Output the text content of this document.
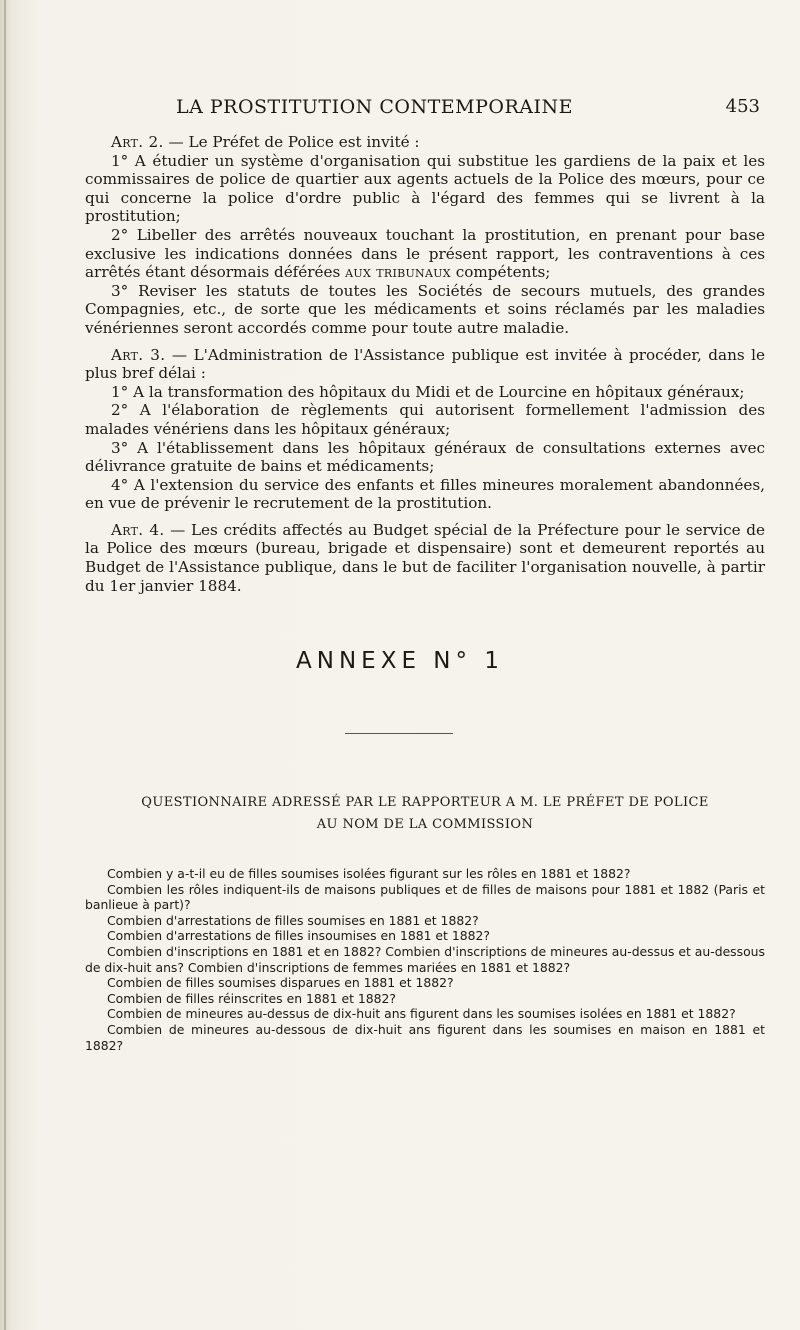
LA PROSTITUTION CONTEMPORAINE	453

Art. 2. — Le Préfet de Police est invité :

1° A étudier un système d'organisation qui substitue les gardiens de la paix et les commissaires de police de quartier aux agents actuels de la Police des mœurs, pour ce qui concerne la police d'ordre public à l'égard des femmes qui se livrent à la prostitution;

2° Libeller des arrêtés nouveaux touchant la prostitution, en prenant pour base exclusive les indications données dans le présent rapport, les contraventions à ces arrêtés étant désormais déférées aux tribunaux compétents;

3° Reviser les statuts de toutes les Sociétés de secours mutuels, des grandes Compagnies, etc., de sorte que les médicaments et soins réclamés par les maladies vénériennes seront accordés comme pour toute autre maladie.

Art. 3. — L'Administration de l'Assistance publique est invitée à procéder, dans le plus bref délai :

1° A la transformation des hôpitaux du Midi et de Lourcine en hôpitaux généraux;

2° A l'élaboration de règlements qui autorisent formellement l'admission des malades vénériens dans les hôpitaux généraux;

3° A l'établissement dans les hôpitaux généraux de consultations externes avec délivrance gratuite de bains et médicaments;

4° A l'extension du service des enfants et filles mineures moralement abandonnées, en vue de prévenir le recrutement de la prostitution.

Art. 4. — Les crédits affectés au Budget spécial de la Préfecture pour le service de la Police des mœurs (bureau, brigade et dispensaire) sont et demeurent reportés au Budget de l'Assistance publique, dans le but de faciliter l'organisation nouvelle, à partir du 1er janvier 1884.

ANNEXE N° 1
QUESTIONNAIRE ADRESSÉ PAR LE RAPPORTEUR A M. LE PRÉFET DE POLICE
AU NOM DE LA COMMISSION

Combien y a-t-il eu de filles soumises isolées figurant sur les rôles en 1881 et 1882?

Combien les rôles indiquent-ils de maisons publiques et de filles de maisons pour 1881 et 1882 (Paris et banlieue à part)?

Combien d'arrestations de filles soumises en 1881 et 1882?

Combien d'arrestations de filles insoumises en 1881 et 1882?

Combien d'inscriptions en 1881 et en 1882? Combien d'inscriptions de mineures au-dessus et au-dessous de dix-huit ans? Combien d'inscriptions de femmes mariées en 1881 et 1882?

Combien de filles soumises disparues en 1881 et 1882?

Combien de filles réinscrites en 1881 et 1882?

Combien de mineures au-dessus de dix-huit ans figurent dans les soumises isolées en 1881 et 1882?

Combien de mineures au-dessous de dix-huit ans figurent dans les soumises en maison en 1881 et 1882?
